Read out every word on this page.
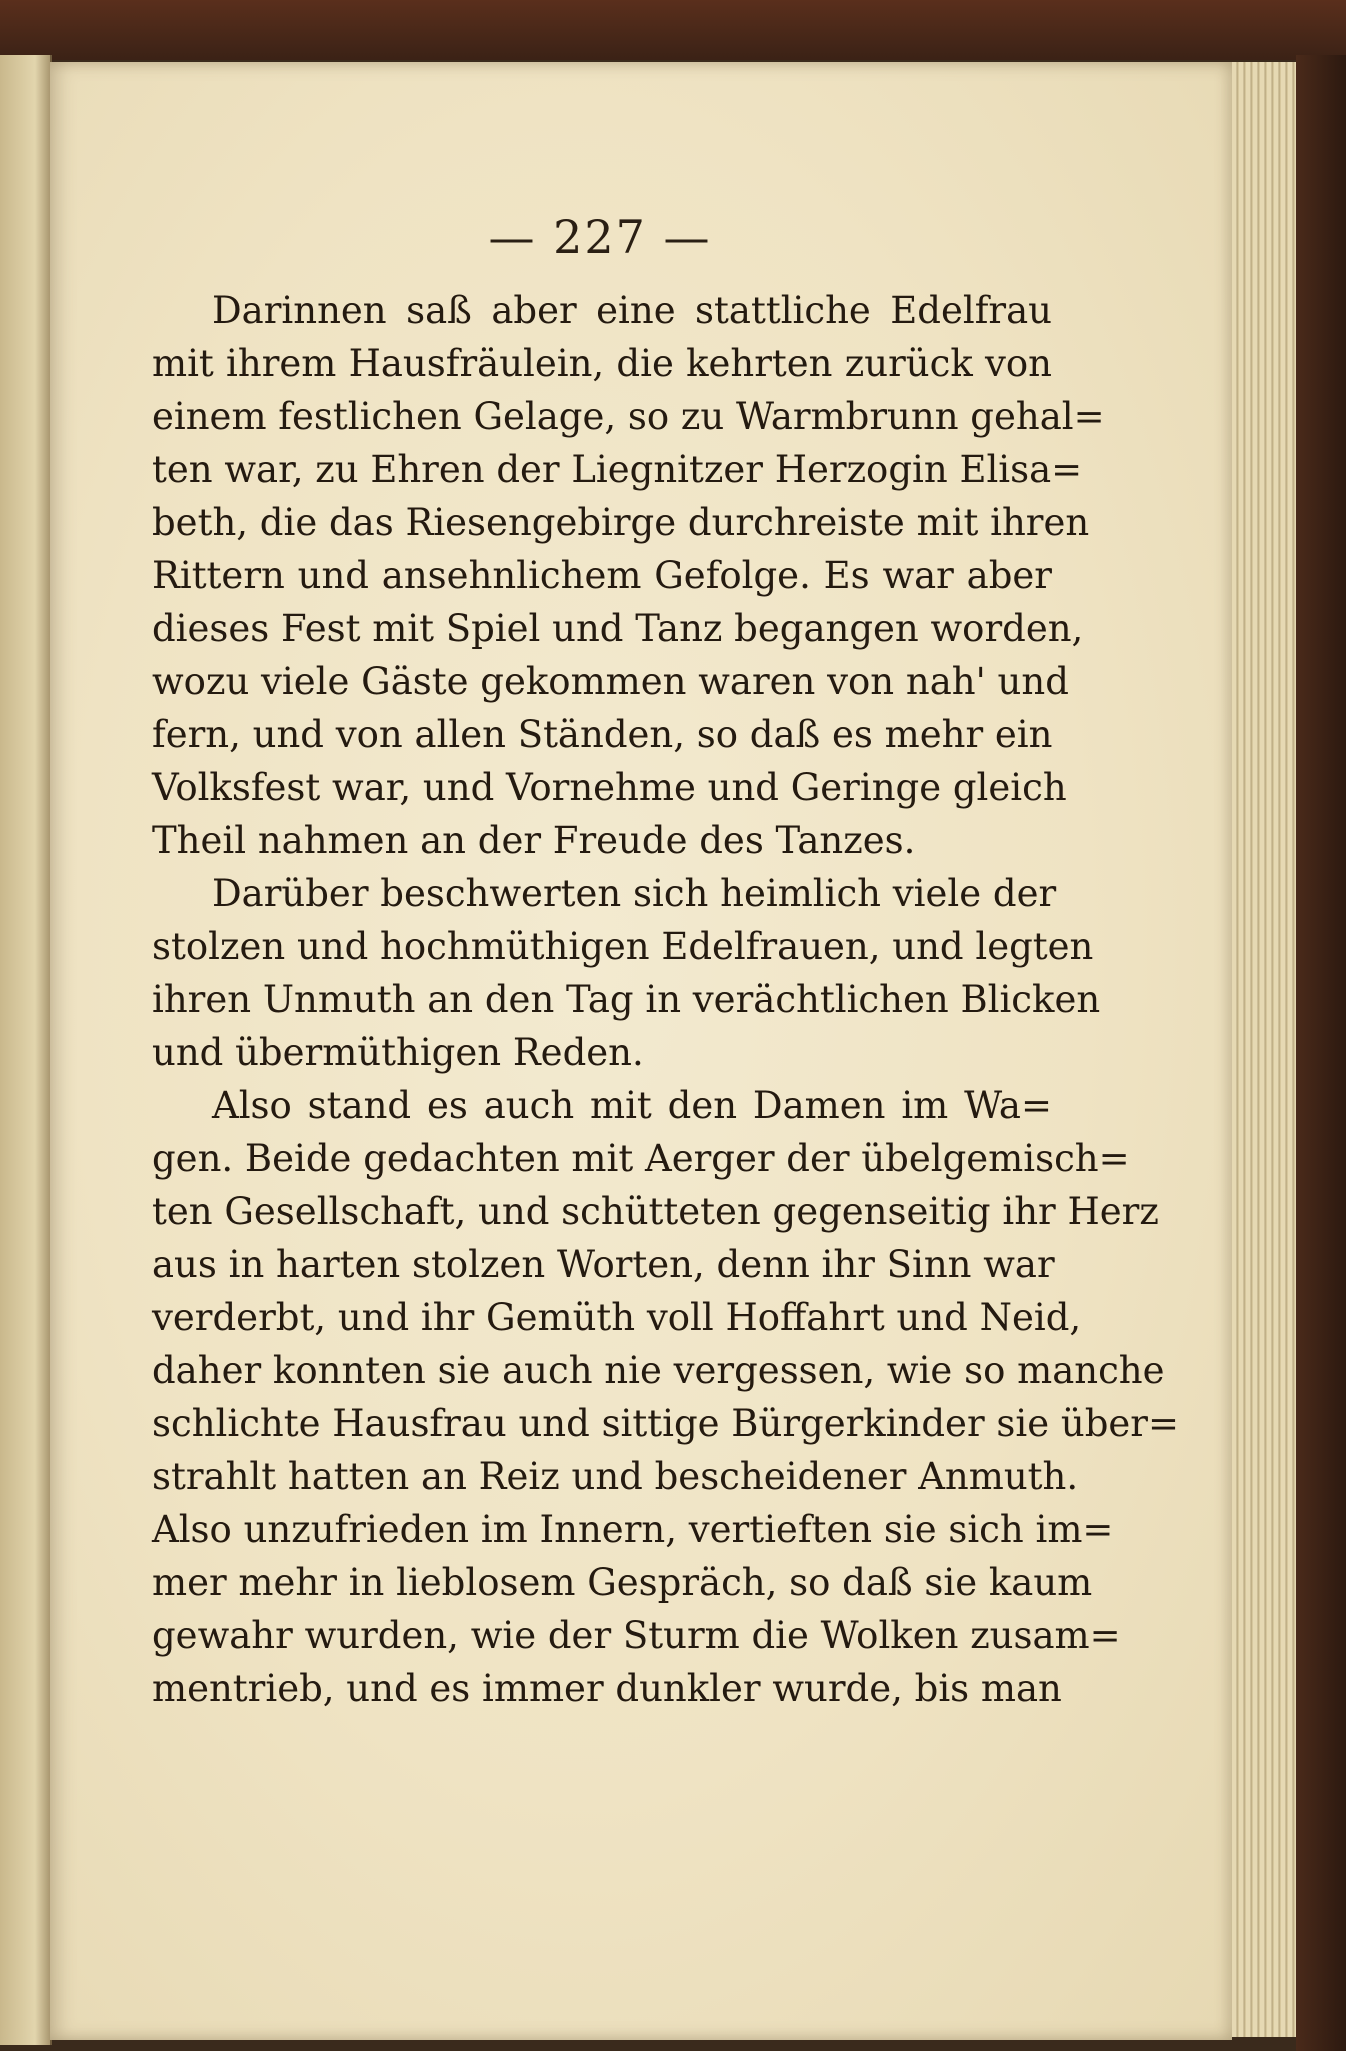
— 227 —
Darinnen saß aber eine stattliche Edelfrau
mit ihrem Hausfräulein, die kehrten zurück von
einem festlichen Gelage, so zu Warmbrunn gehal=
ten war, zu Ehren der Liegnitzer Herzogin Elisa=
beth, die das Riesengebirge durchreiste mit ihren
Rittern und ansehnlichem Gefolge. Es war aber
dieses Fest mit Spiel und Tanz begangen worden,
wozu viele Gäste gekommen waren von nah' und
fern, und von allen Ständen, so daß es mehr ein
Volksfest war, und Vornehme und Geringe gleich
Theil nahmen an der Freude des Tanzes.
Darüber beschwerten sich heimlich viele der
stolzen und hochmüthigen Edelfrauen, und legten
ihren Unmuth an den Tag in verächtlichen Blicken
und übermüthigen Reden.
Also stand es auch mit den Damen im Wa=
gen. Beide gedachten mit Aerger der übelgemisch=
ten Gesellschaft, und schütteten gegenseitig ihr Herz
aus in harten stolzen Worten, denn ihr Sinn war
verderbt, und ihr Gemüth voll Hoffahrt und Neid,
daher konnten sie auch nie vergessen, wie so manche
schlichte Hausfrau und sittige Bürgerkinder sie über=
strahlt hatten an Reiz und bescheidener Anmuth.
Also unzufrieden im Innern, vertieften sie sich im=
mer mehr in lieblosem Gespräch, so daß sie kaum
gewahr wurden, wie der Sturm die Wolken zusam=
mentrieb, und es immer dunkler wurde, bis man
